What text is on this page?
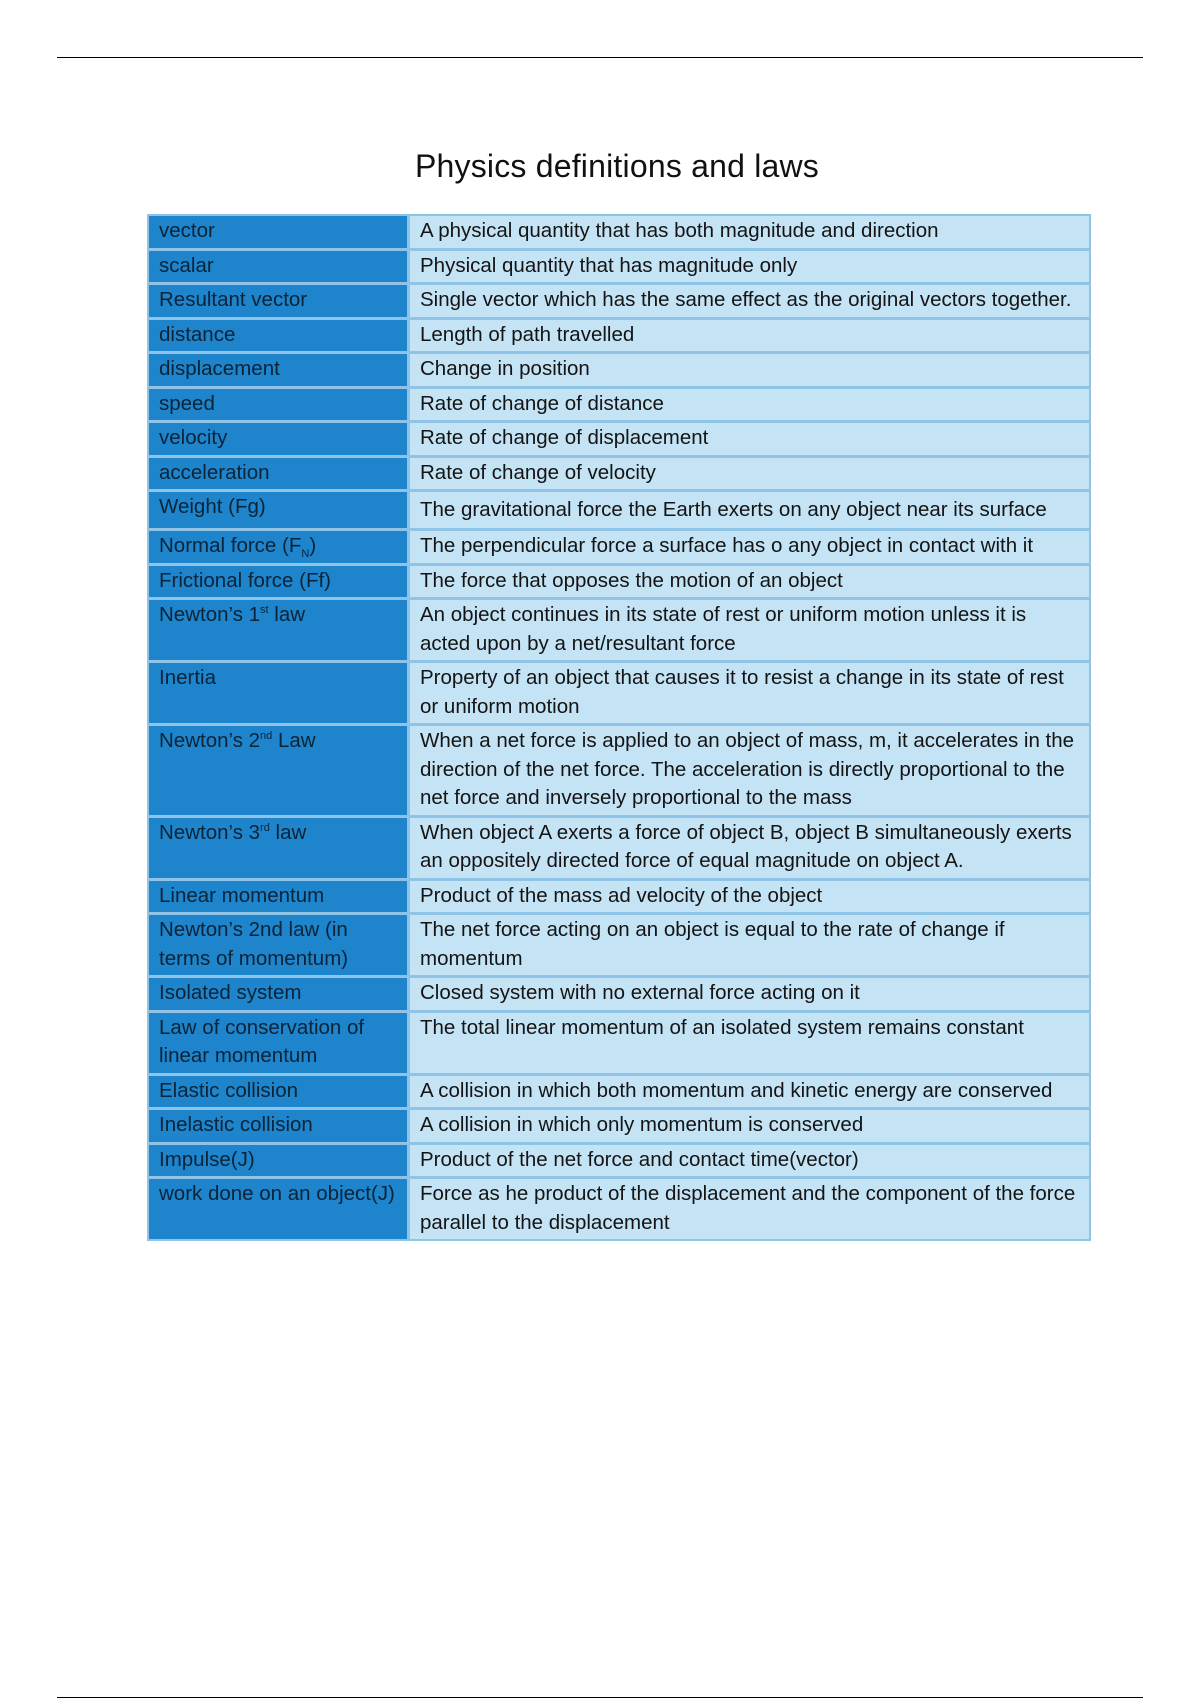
Physics definitions and laws
vector	A physical quantity that has both magnitude and direction
scalar	Physical quantity that has magnitude only
Resultant vector	Single vector which has the same effect as the original vectors together.
distance	Length of path travelled
displacement	Change in position
speed	Rate of change of distance
velocity	Rate of change of displacement
acceleration	Rate of change of velocity
Weight (Fg)	The gravitational force the Earth exerts on any object near its surface
Normal force $(F_N)$	The perpendicular force a surface has o any object in contact with it
Frictional force (Ff)	The force that opposes the motion of an object
Newton’s 1st law	An object continues in its state of rest or uniform motion unless it is acted upon by a net/resultant force
Inertia	Property of an object that causes it to resist a change in its state of rest or uniform motion
Newton’s 2nd Law	When a net force is applied to an object of mass, m, it accelerates in the direction of the net force. The acceleration is directly proportional to the net force and inversely proportional to the mass
Newton’s 3rd law	When object A exerts a force of object B, object B simultaneously exerts an oppositely directed force of equal magnitude on object A.
Linear momentum	Product of the mass ad velocity of the object
Newton’s 2nd law (in terms of momentum)	The net force acting on an object is equal to the rate of change if momentum
Isolated system	Closed system with no external force acting on it
Law of conservation of linear momentum	The total linear momentum of an isolated system remains constant
Elastic collision	A collision in which both momentum and kinetic energy are conserved
Inelastic collision	A collision in which only momentum is conserved
Impulse(J)	Product of the net force and contact time(vector)
work done on an object(J)	Force as he product of the displacement and the component of the force parallel to the displacement
